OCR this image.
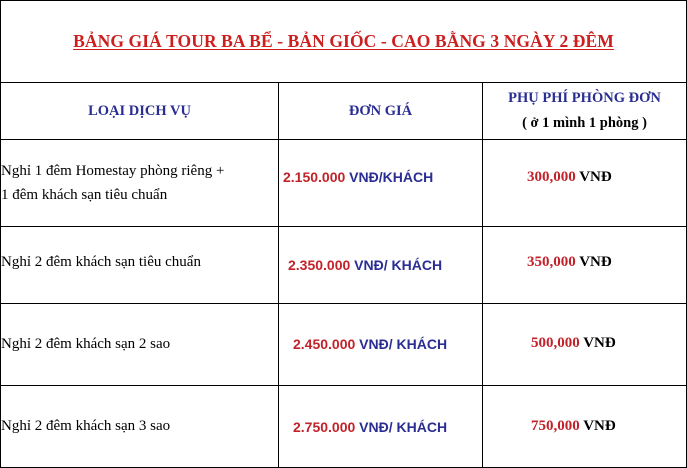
BẢNG GIÁ TOUR BA BỂ - BẢN GIỐC - CAO BẰNG 3 NGÀY 2 ĐÊM		

LOẠI DỊCH VỤ	ĐƠN GIÁ	PHỤ PHÍ PHÒNG ĐƠN
( ở 1 mình 1 phòng )

Nghỉ 1 đêm Homestay phòng riêng +
1 đêm khách sạn tiêu chuẩn	2.150.000 VNĐ/KHÁCH	300,000 VNĐ
Nghỉ 2 đêm khách sạn tiêu chuẩn	2.350.000 VNĐ/ KHÁCH	350,000 VNĐ
Nghỉ 2 đêm khách sạn 2 sao	2.450.000 VNĐ/ KHÁCH	500,000 VNĐ
Nghỉ 2 đêm khách sạn 3 sao	2.750.000 VNĐ/ KHÁCH	750,000 VNĐ
